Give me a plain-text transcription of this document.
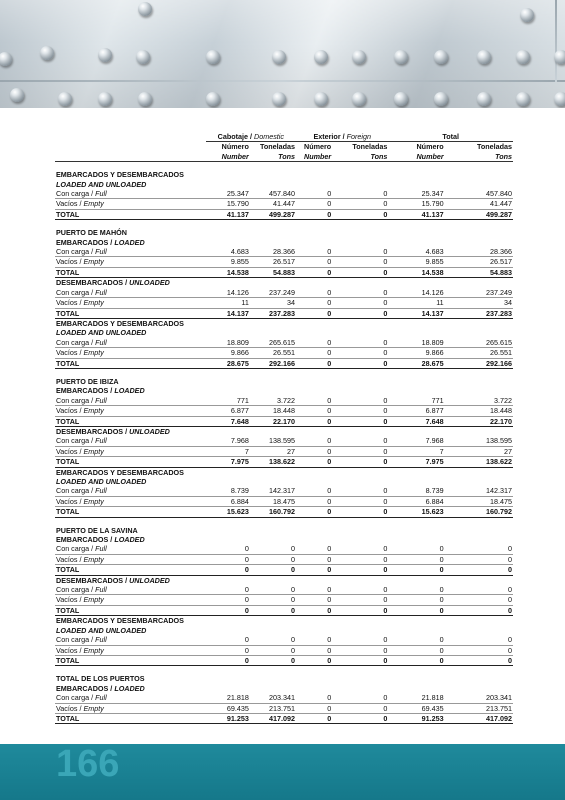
	Cabotaje / Domestic		Exterior / Foreign		Total	
	Número	Toneladas	Número	Toneladas	Número	Toneladas
	Number	Tons	Number	Tons	Number	Tons

EMBARCADOS Y DESEMBARCADOS						
LOADED AND UNLOADED						
Con carga / Full	25.347	457.840	0	0	25.347	457.840
Vacíos / Empty	15.790	41.447	0	0	15.790	41.447
TOTAL	41.137	499.287	0	0	41.137	499.287

PUERTO DE MAHÓN						
EMBARCADOS / LOADED						
Con carga / Full	4.683	28.366	0	0	4.683	28.366
Vacíos / Empty	9.855	26.517	0	0	9.855	26.517
TOTAL	14.538	54.883	0	0	14.538	54.883
DESEMBARCADOS / UNLOADED						
Con carga / Full	14.126	237.249	0	0	14.126	237.249
Vacíos / Empty	11	34	0	0	11	34
TOTAL	14.137	237.283	0	0	14.137	237.283
EMBARCADOS Y DESEMBARCADOS						
LOADED AND UNLOADED						
Con carga / Full	18.809	265.615	0	0	18.809	265.615
Vacíos / Empty	9.866	26.551	0	0	9.866	26.551
TOTAL	28.675	292.166	0	0	28.675	292.166

PUERTO DE IBIZA						
EMBARCADOS / LOADED						
Con carga / Full	771	3.722	0	0	771	3.722
Vacíos / Empty	6.877	18.448	0	0	6.877	18.448
TOTAL	7.648	22.170	0	0	7.648	22.170
DESEMBARCADOS / UNLOADED						
Con carga / Full	7.968	138.595	0	0	7.968	138.595
Vacíos / Empty	7	27	0	0	7	27
TOTAL	7.975	138.622	0	0	7.975	138.622
EMBARCADOS Y DESEMBARCADOS						
LOADED AND UNLOADED						
Con carga / Full	8.739	142.317	0	0	8.739	142.317
Vacíos / Empty	6.884	18.475	0	0	6.884	18.475
TOTAL	15.623	160.792	0	0	15.623	160.792

PUERTO DE LA SAVINA						
EMBARCADOS / LOADED						
Con carga / Full	0	0	0	0	0	0
Vacíos / Empty	0	0	0	0	0	0
TOTAL	0	0	0	0	0	0
DESEMBARCADOS / UNLOADED						
Con carga / Full	0	0	0	0	0	0
Vacíos / Empty	0	0	0	0	0	0
TOTAL	0	0	0	0	0	0
EMBARCADOS Y DESEMBARCADOS						
LOADED AND UNLOADED						
Con carga / Full	0	0	0	0	0	0
Vacíos / Empty	0	0	0	0	0	0
TOTAL	0	0	0	0	0	0

TOTAL DE LOS PUERTOS						
EMBARCADOS / LOADED						
Con carga / Full	21.818	203.341	0	0	21.818	203.341
Vacíos / Empty	69.435	213.751	0	0	69.435	213.751
TOTAL	91.253	417.092	0	0	91.253	417.092
166
